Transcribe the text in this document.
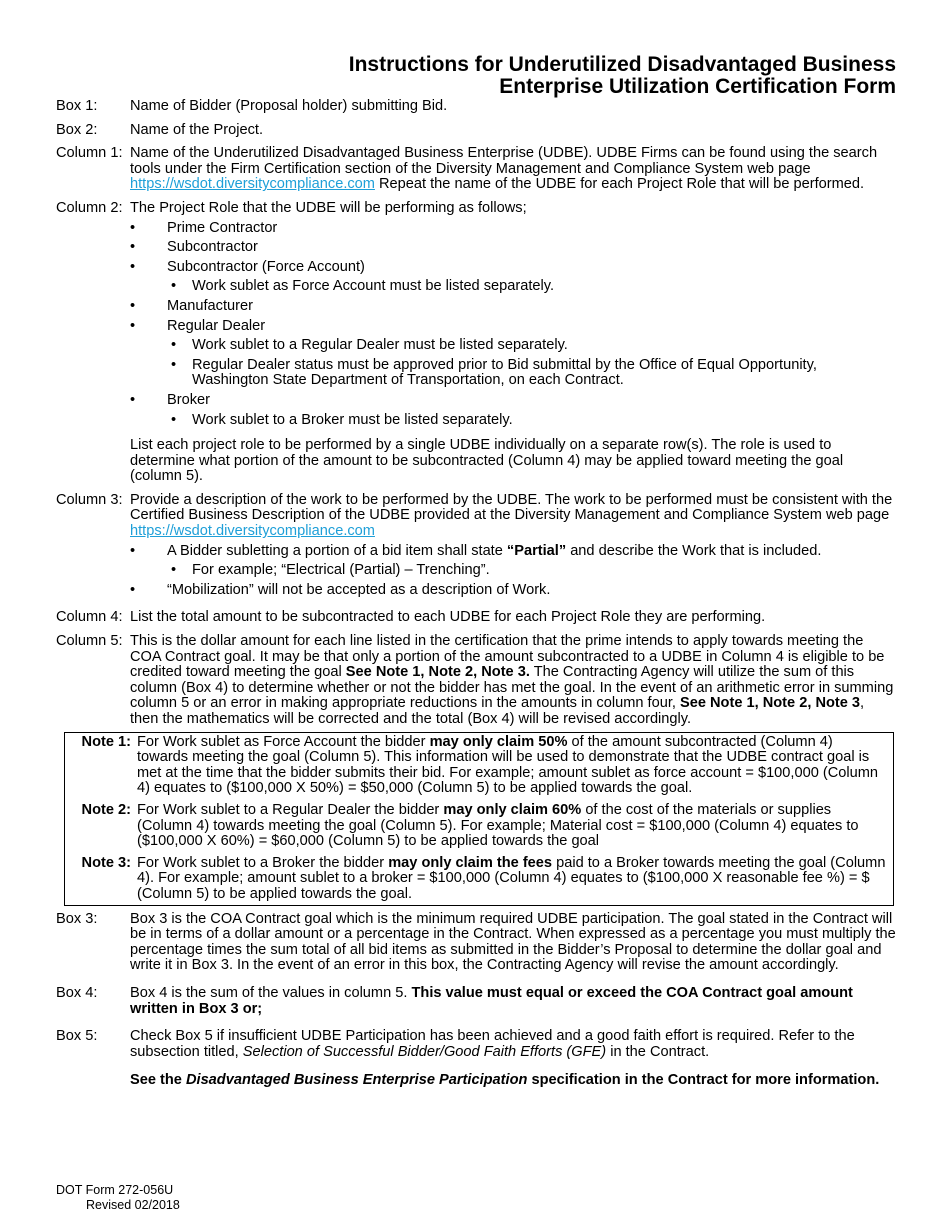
Instructions for Underutilized Disadvantaged Business
Enterprise Utilization Certification Form
Box 1:	Name of Bidder (Proposal holder) submitting Bid.
Box 2:	Name of the Project.
Column 1: Name of the Underutilized Disadvantaged Business Enterprise (UDBE). UDBE Firms can be found using the search tools under the Firm Certification section of the Diversity Management and Compliance System web page https://wsdot.diversitycompliance.com Repeat the name of the UDBE for each Project Role that will be performed.
Column 2: The Project Role that the UDBE will be performing as follows;
• Prime Contractor
• Subcontractor
• Subcontractor (Force Account)
• Work sublet as Force Account must be listed separately.
• Manufacturer
• Regular Dealer
• Work sublet to a Regular Dealer must be listed separately.
• Regular Dealer status must be approved prior to Bid submittal by the Office of Equal Opportunity, Washington State Department of Transportation, on each Contract.
• Broker
• Work sublet to a Broker must be listed separately.

List each project role to be performed by a single UDBE individually on a separate row(s). The role is used to determine what portion of the amount to be subcontracted (Column 4) may be applied toward meeting the goal (column 5).

Column 3: Provide a description of the work to be performed by the UDBE. The work to be performed must be consistent with the Certified Business Description of the UDBE provided at the Diversity Management and Compliance System web page https://wsdot.diversitycompliance.com
• A Bidder subletting a portion of a bid item shall state “Partial” and describe the Work that is included.
• For example; “Electrical (Partial) – Trenching”.
• “Mobilization” will not be accepted as a description of Work.
Column 4: List the total amount to be subcontracted to each UDBE for each Project Role they are performing.
Column 5: This is the dollar amount for each line listed in the certification that the prime intends to apply towards meeting the COA Contract goal. It may be that only a portion of the amount subcontracted to a UDBE in Column 4 is eligible to be credited toward meeting the goal See Note 1, Note 2, Note 3. The Contracting Agency will utilize the sum of this column (Box 4) to determine whether or not the bidder has met the goal. In the event of an arithmetic error in summing column 5 or an error in making appropriate reductions in the amounts in column four, See Note 1, Note 2, Note 3, then the mathematics will be corrected and the total (Box 4) will be revised accordingly.
Note 1: For Work sublet as Force Account the bidder may only claim 50% of the amount subcontracted (Column 4) towards meeting the goal (Column 5). This information will be used to demonstrate that the UDBE contract goal is met at the time that the bidder submits their bid. For example; amount sublet as force account = $100,000 (Column 4) equates to ($100,000 X 50%) = $50,000 (Column 5) to be applied towards the goal.
Note 2: For Work sublet to a Regular Dealer the bidder may only claim 60% of the cost of the materials or supplies (Column 4) towards meeting the goal (Column 5). For example; Material cost = $100,000 (Column 4) equates to ($100,000 X 60%) = $60,000 (Column 5) to be applied towards the goal
Note 3: For Work sublet to a Broker the bidder may only claim the fees paid to a Broker towards meeting the goal (Column 4). For example; amount sublet to a broker = $100,000 (Column 4) equates to ($100,000 X reasonable fee %) = $ (Column 5) to be applied towards the goal.
Box 3:	Box 3 is the COA Contract goal which is the minimum required UDBE participation. The goal stated in the Contract will be in terms of a dollar amount or a percentage in the Contract. When expressed as a percentage you must multiply the percentage times the sum total of all bid items as submitted in the Bidder’s Proposal to determine the dollar goal and write it in Box 3. In the event of an error in this box, the Contracting Agency will revise the amount accordingly.
Box 4:	Box 4 is the sum of the values in column 5. This value must equal or exceed the COA Contract goal amount written in Box 3 or;
Box 5:	Check Box 5 if insufficient UDBE Participation has been achieved and a good faith effort is required. Refer to the subsection titled, Selection of Successful Bidder/Good Faith Efforts (GFE) in the Contract.

See the Disadvantaged Business Enterprise Participation specification in the Contract for more information.

DOT Form 272-056U
Revised 02/2018
